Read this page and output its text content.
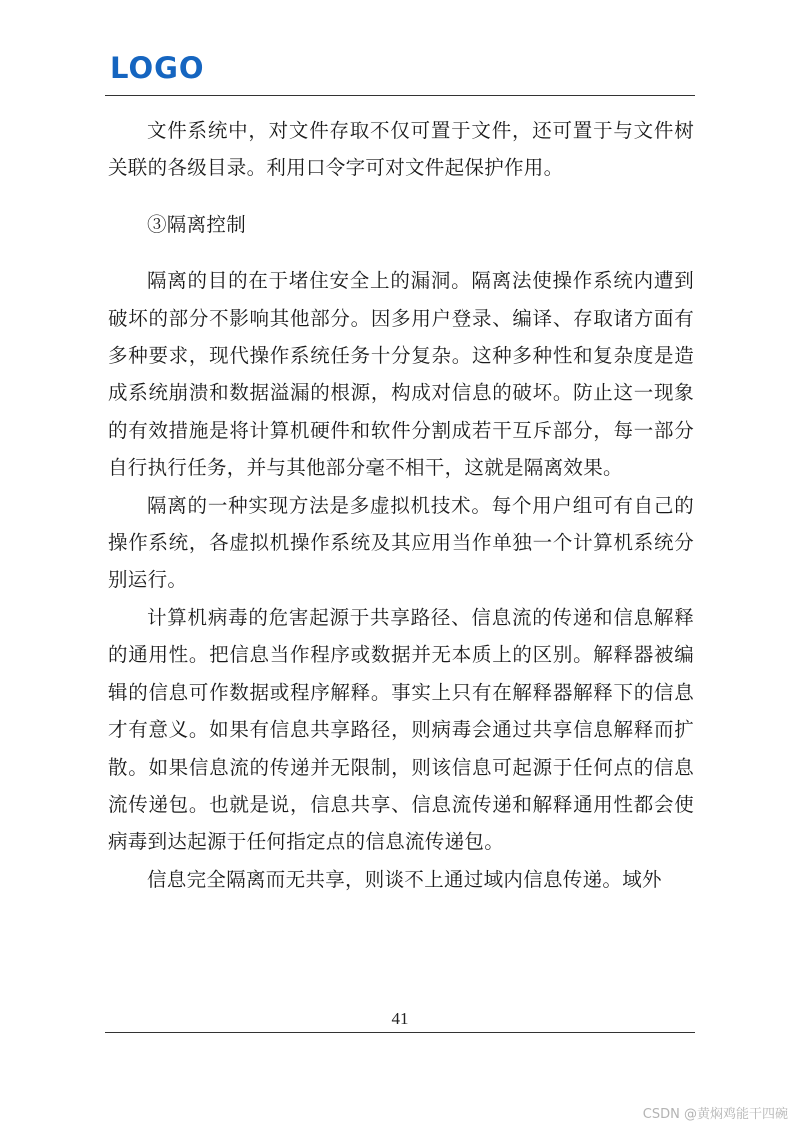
LOGO

文件系统中，对文件存取不仅可置于文件，还可置于与文件树关联的各级目录。利用口令字可对文件起保护作用。

③隔离控制

隔离的目的在于堵住安全上的漏洞。隔离法使操作系统内遭到破坏的部分不影响其他部分。因多用户登录、编译、存取诸方面有多种要求，现代操作系统任务十分复杂。这种多种性和复杂度是造成系统崩溃和数据溢漏的根源，构成对信息的破坏。防止这一现象的有效措施是将计算机硬件和软件分割成若干互斥部分，每一部分自行执行任务，并与其他部分毫不相干，这就是隔离效果。

隔离的一种实现方法是多虚拟机技术。每个用户组可有自己的操作系统，各虚拟机操作系统及其应用当作单独一个计算机系统分别运行。

计算机病毒的危害起源于共享路径、信息流的传递和信息解释的通用性。把信息当作程序或数据并无本质上的区别。解释器被编辑的信息可作数据或程序解释。事实上只有在解释器解释下的信息才有意义。如果有信息共享路径，则病毒会通过共享信息解释而扩散。如果信息流的传递并无限制，则该信息可起源于任何点的信息流传递包。也就是说，信息共享、信息流传递和解释通用性都会使病毒到达起源于任何指定点的信息流传递包。

信息完全隔离而无共享，则谈不上通过域内信息传递。域外

41
CSDN @黄焖鸡能干四碗
